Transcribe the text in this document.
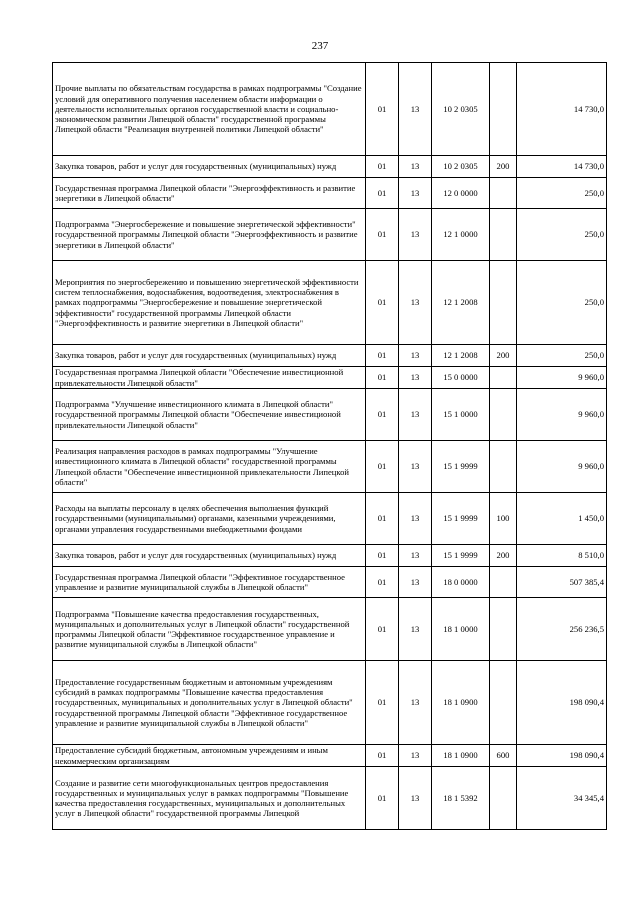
237
Прочие выплаты по обязательствам государства в рамках подпрограммы "Создание условий для оперативного получения населением области информации о деятельности исполнительных органов государственной власти и социально-экономическом развитии Липецкой области" государственной программы Липецкой области "Реализация внутренней политики Липецкой области"	01	13	10 2 0305		14 730,0
Закупка товаров, работ и услуг для государственных (муниципальных) нужд	01	13	10 2 0305	200	14 730,0
Государственная программа Липецкой области "Энергоэффективность и развитие энергетики в Липецкой области"	01	13	12 0 0000		250,0
Подпрограмма "Энергосбережение и повышение энергетической эффективности" государственной программы Липецкой области "Энергоэффективность и развитие энергетики в Липецкой области"	01	13	12 1 0000		250,0
Мероприятия по энергосбережению и повышению энергетической эффективности систем теплоснабжения, водоснабжения, водоотведения, электроснабжения в рамках подпрограммы "Энергосбережение и повышение энергетической эффективности" государственной программы Липецкой области "Энергоэффективность и развитие энергетики в Липецкой области"	01	13	12 1 2008		250,0
Закупка товаров, работ и услуг для государственных (муниципальных) нужд	01	13	12 1 2008	200	250,0
Государственная программа Липецкой области "Обеспечение инвестиционной привлекательности Липецкой области"	01	13	15 0 0000		9 960,0
Подпрограмма "Улучшение инвестиционного климата в Липецкой области" государственной программы Липецкой области "Обеспечение инвестиционой привлекательности Липецкой области"	01	13	15 1 0000		9 960,0
Реализация направления расходов в рамках подпрограммы "Улучшение инвестиционного климата в Липецкой области" государственной программы Липецкой области "Обеспечение инвестиционной привлекательности Липецкой области"	01	13	15 1 9999		9 960,0
Расходы на выплаты персоналу в целях обеспечения выполнения функций государственными (муниципальными) органами, казенными учреждениями, органами управления государственными внебюджетными фондами	01	13	15 1 9999	100	1 450,0
Закупка товаров, работ и услуг для государственных (муниципальных) нужд	01	13	15 1 9999	200	8 510,0
Государственная программа Липецкой области "Эффективное государственное управление и развитие муниципальной службы в Липецкой области"	01	13	18 0 0000		507 385,4
Подпрограмма "Повышение качества предоставления государственных, муниципальных и дополнительных услуг в Липецкой области" государственной программы Липецкой области "Эффективное государственное управление и развитие муниципальной службы в Липецкой области"	01	13	18 1 0000		256 236,5
Предоставление государственным бюджетным и автономным учреждениям субсидий в рамках подпрограммы "Повышение качества предоставления государственных, муниципальных и дополнительных услуг в Липецкой области" государственной программы Липецкой области "Эффективное государственное управление и развитие муниципальной службы в Липецкой области"	01	13	18 1 0900		198 090,4
Предоставление субсидий бюджетным, автономным учреждениям и иным некоммерческим организациям	01	13	18 1 0900	600	198 090,4
Создание и развитие сети многофункциональных центров предоставления государственных и муниципальных услуг в рамках подпрограммы "Повышение качества предоставления государственных, муниципальных и дополнительных услуг в Липецкой области" государственной программы Липецкой	01	13	18 1 5392		34 345,4
